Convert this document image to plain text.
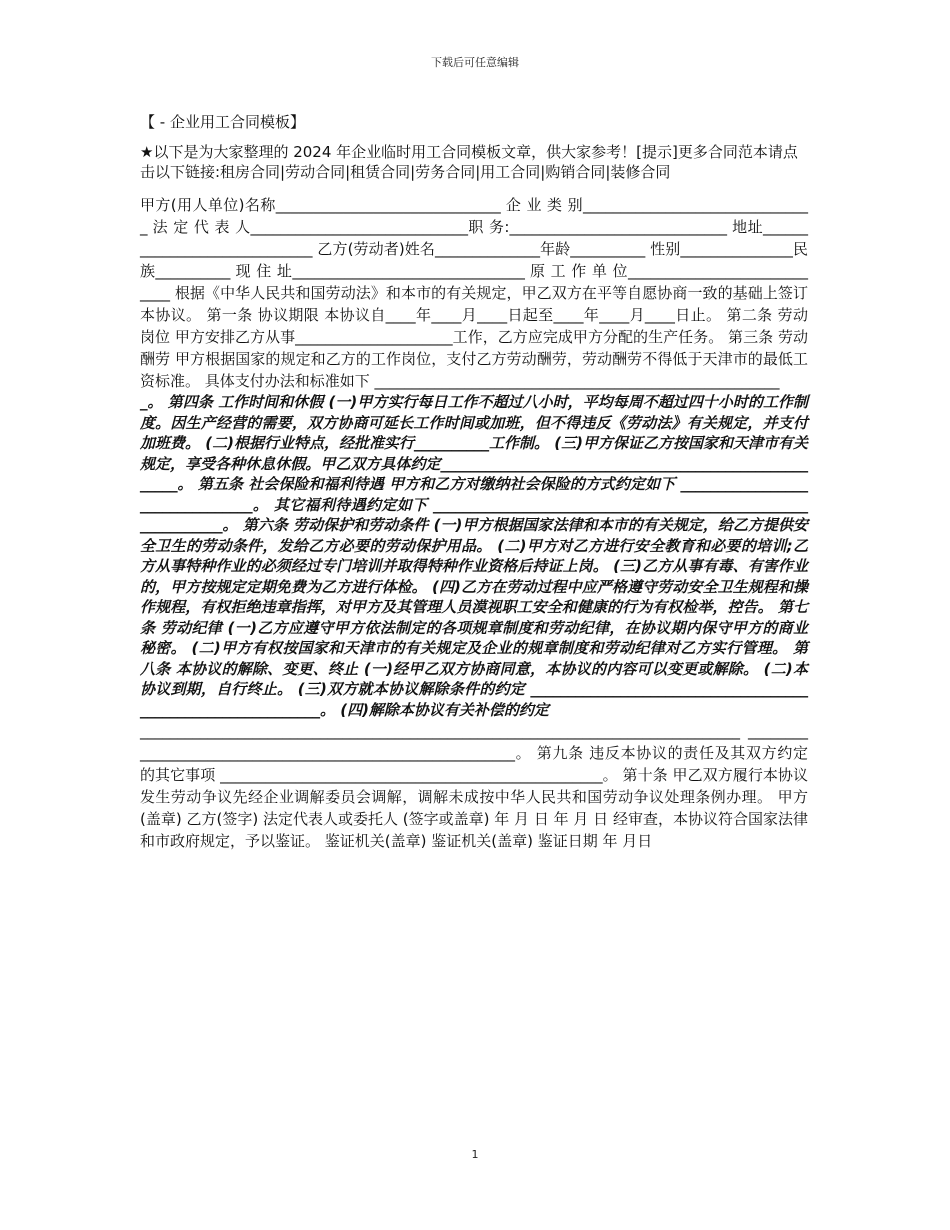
下载后可任意编辑

【 - 企业用工合同模板】

★以下是为大家整理的 2024 年企业临时用工合同模板文章，供大家参考！[提示]更多合同范本请点击以下链接:租房合同|劳动合同|租赁合同|劳务合同|用工合同|购销合同|装修合同

甲方(用人单位)名称______________________________ 企 业 类 别_______________________________ 法 定 代 表 人_____________________________职 务:_____________________________ 地址_____________________________ 乙方(劳动者)姓名______________年龄__________ 性别_______________民族__________ 现 住 址_______________________________ 原 工 作 单 位____________________________ 根据《中华人民共和国劳动法》和本市的有关规定，甲乙双方在平等自愿协商一致的基础上签订本协议。 第一条 协议期限 本协议自____年____月____日起至____年____月____日止。 第二条 劳动岗位 甲方安排乙方从事_____________________工作，乙方应完成甲方分配的生产任务。 第三条 劳动酬劳 甲方根据国家的规定和乙方的工作岗位，支付乙方劳动酬劳，劳动酬劳不得低于天津市的最低工资标准。 具体支付办法和标准如下 ______________________________________________________

_。 第四条 工作时间和休假 (一)甲方实行每日工作不超过八小时，平均每周不超过四十小时的工作制度。因生产经营的需要，双方协商可延长工作时间或加班，但不得违反《劳动法》有关规定，并支付加班费。 (二)根据行业特点，经批准实行__________工作制。 (三)甲方保证乙方按国家和天津市有关规定，享受各种休息休假。甲乙双方具体约定______________________________________________________。 第五条 社会保险和福利待遇 甲方和乙方对缴纳社会保险的方式约定如下 ________________________________。 其它福利待遇约定如下 _____________________________________________________________。 第六条 劳动保护和劳动条件 (一)甲方根据国家法律和本市的有关规定，给乙方提供安全卫生的劳动条件，发给乙方必要的劳动保护用品。 (二)甲方对乙方进行安全教育和必要的培训;乙方从事特种作业的必须经过专门培训并取得特种作业资格后持证上岗。 (三)乙方从事有毒、有害作业的，甲方按规定定期免费为乙方进行体检。 (四)乙方在劳动过程中应严格遵守劳动安全卫生规程和操作规程，有权拒绝违章指挥，对甲方及其管理人员漠视职工安全和健康的行为有权检举，控告。 第七条 劳动纪律 (一)乙方应遵守甲方依法制定的各项规章制度和劳动纪律，在协议期内保守甲方的商业秘密。 (二)甲方有权按国家和天津市的有关规定及企业的规章制度和劳动纪律对乙方实行管理。 第八条 本协议的解除、变更、终止 (一)经甲乙双方协商同意，本协议的内容可以变更或解除。 (二)本协议到期，自行终止。 (三)双方就本协议解除条件的约定 _____________________________________________________________。 (四)解除本协议有关补偿的约定

________________________________________________________________________________ __________________________________________________________。 第九条 违反本协议的责任及其双方约定的其它事项 ___________________________________________________。 第十条 甲乙双方履行本协议发生劳动争议先经企业调解委员会调解，调解未成按中华人民共和国劳动争议处理条例办理。 甲方(盖章) 乙方(签字) 法定代表人或委托人 (签字或盖章) 年 月 日 年 月 日 经审查，本协议符合国家法律和市政府规定，予以鉴证。 鉴证机关(盖章) 鉴证机关(盖章) 鉴证日期 年 月日

1
